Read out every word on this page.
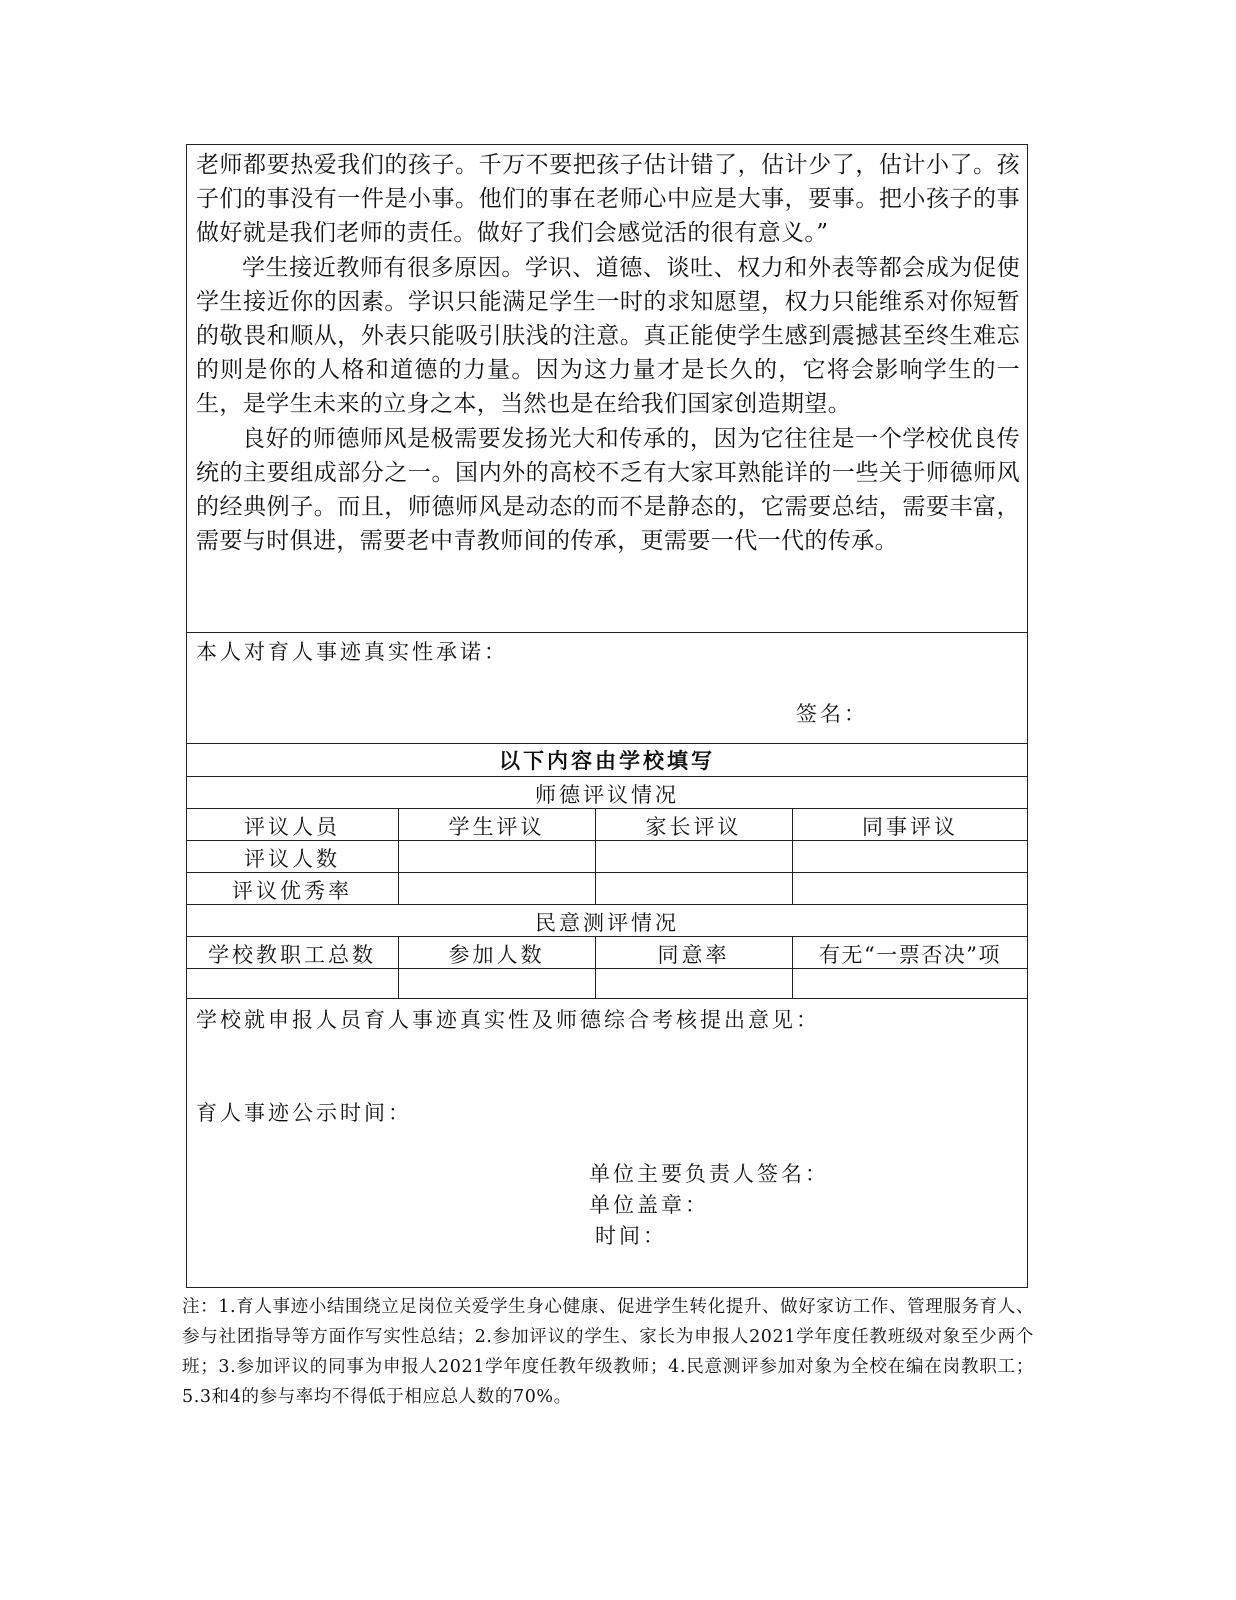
老师都要热爱我们的孩子。千万不要把孩子估计错了，估计少了，估计小了。孩子们的事没有一件是小事。他们的事在老师心中应是大事，要事。把小孩子的事做好就是我们老师的责任。做好了我们会感觉活的很有意义。”

学生接近教师有很多原因。学识、道德、谈吐、权力和外表等都会成为促使学生接近你的因素。学识只能满足学生一时的求知愿望，权力只能维系对你短暂的敬畏和顺从，外表只能吸引肤浅的注意。真正能使学生感到震撼甚至终生难忘的则是你的人格和道德的力量。因为这力量才是长久的，它将会影响学生的一生，是学生未来的立身之本，当然也是在给我们国家创造期望。

良好的师德师风是极需要发扬光大和传承的，因为它往往是一个学校优良传统的主要组成部分之一。国内外的高校不乏有大家耳熟能详的一些关于师德师风的经典例子。而且，师德师风是动态的而不是静态的，它需要总结，需要丰富，需要与时俱进，需要老中青教师间的传承，更需要一代一代的传承。

本人对育人事迹真实性承诺：
签名：
以下内容由学校填写
师德评议情况
评议人员	学生评议	家长评议	同事评议
评议人数
评议优秀率
民意测评情况
学校教职工总数	参加人数	同意率	有无“一票否决”项
学校就申报人员育人事迹真实性及师德综合考核提出意见：
育人事迹公示时间：
单位主要负责人签名：
单位盖章：
时间：
注：1.育人事迹小结围绕立足岗位关爱学生身心健康、促进学生转化提升、做好家访工作、管理服务育人、参与社团指导等方面作写实性总结；2.参加评议的学生、家长为申报人2021学年度任教班级对象至少两个班；3.参加评议的同事为申报人2021学年度任教年级教师；4.民意测评参加对象为全校在编在岗教职工；5.3和4的参与率均不得低于相应总人数的70%。
